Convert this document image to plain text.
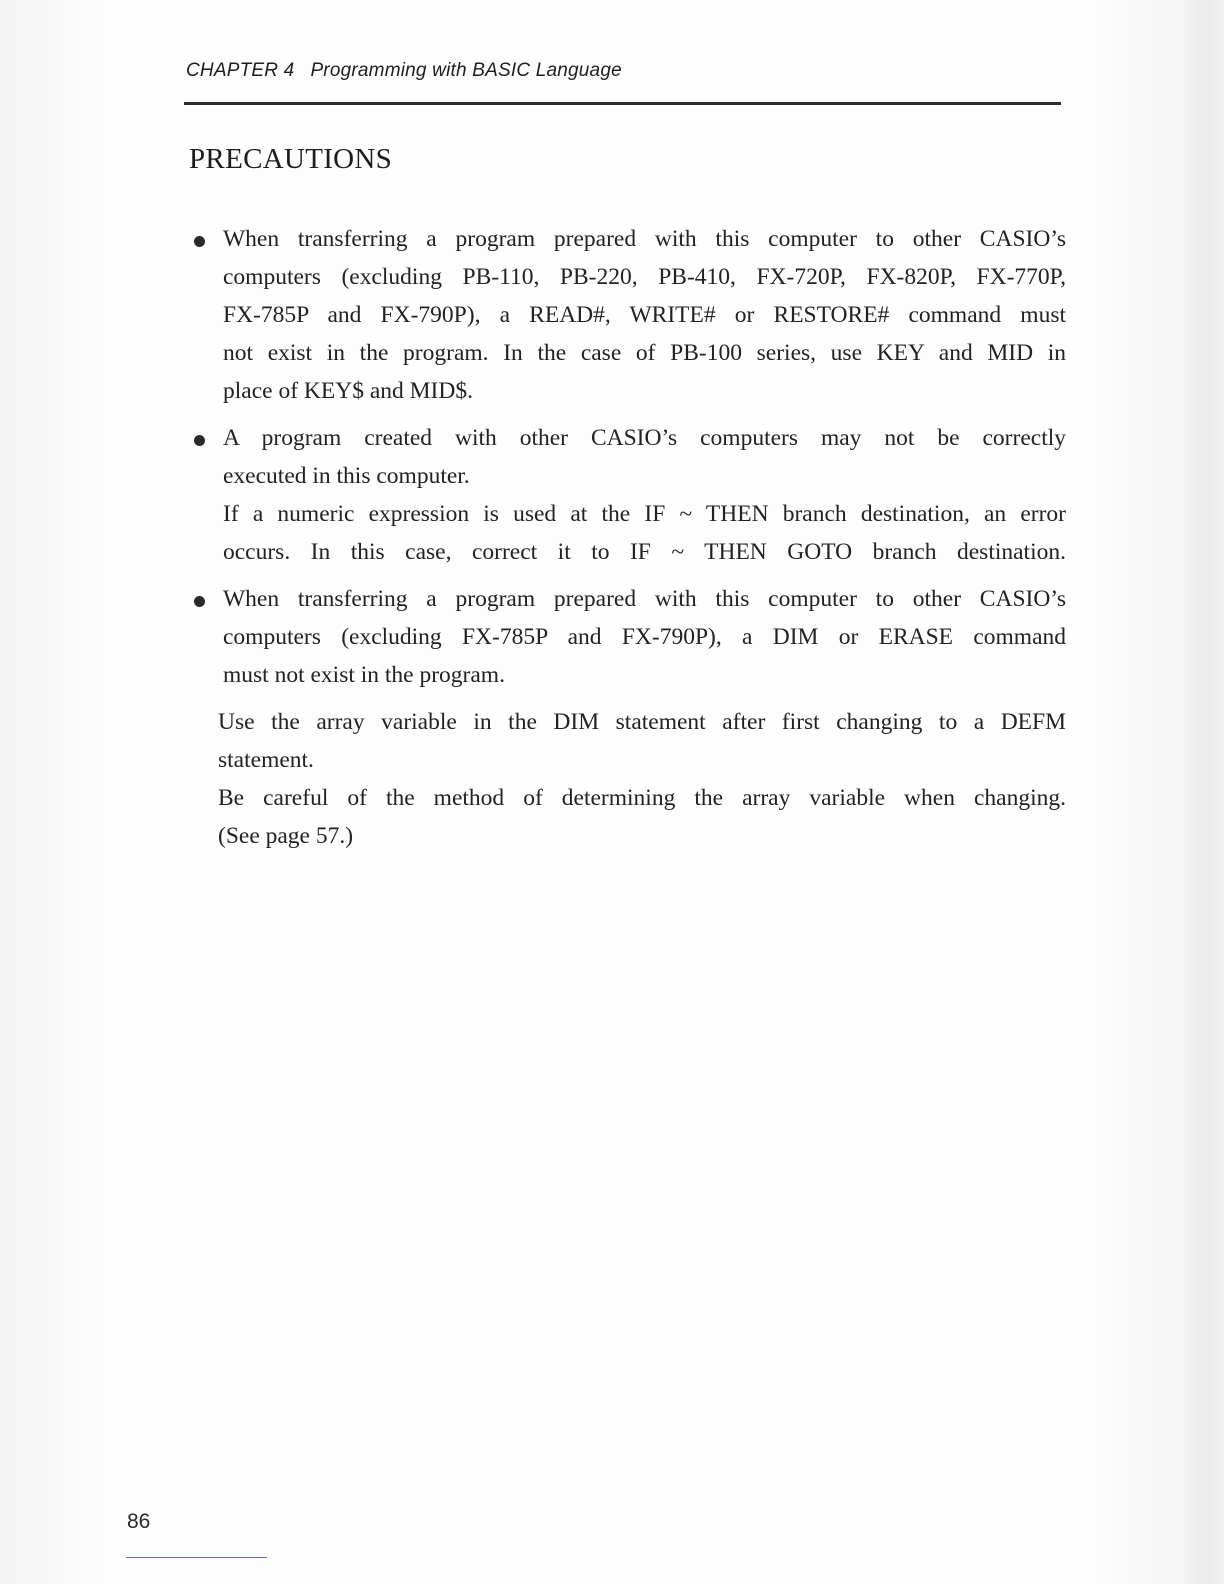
CHAPTER 4 Programming with BASIC Language
PRECAUTIONS

When transferring a program prepared with this computer to other CASIO’s

computers (excluding PB-110, PB-220, PB-410, FX-720P, FX-820P, FX-770P,

FX-785P and FX-790P), a READ#, WRITE# or RESTORE# command must

not exist in the program. In the case of PB-100 series, use KEY and MID in

place of KEY$ and MID$.

A program created with other CASIO’s computers may not be correctly

executed in this computer.

If a numeric expression is used at the IF ~ THEN branch destination, an error

occurs. In this case, correct it to IF ~ THEN GOTO branch destination.

When transferring a program prepared with this computer to other CASIO’s

computers (excluding FX-785P and FX-790P), a DIM or ERASE command

must not exist in the program.

Use the array variable in the DIM statement after first changing to a DEFM

statement.

Be careful of the method of determining the array variable when changing.

(See page 57.)

86
